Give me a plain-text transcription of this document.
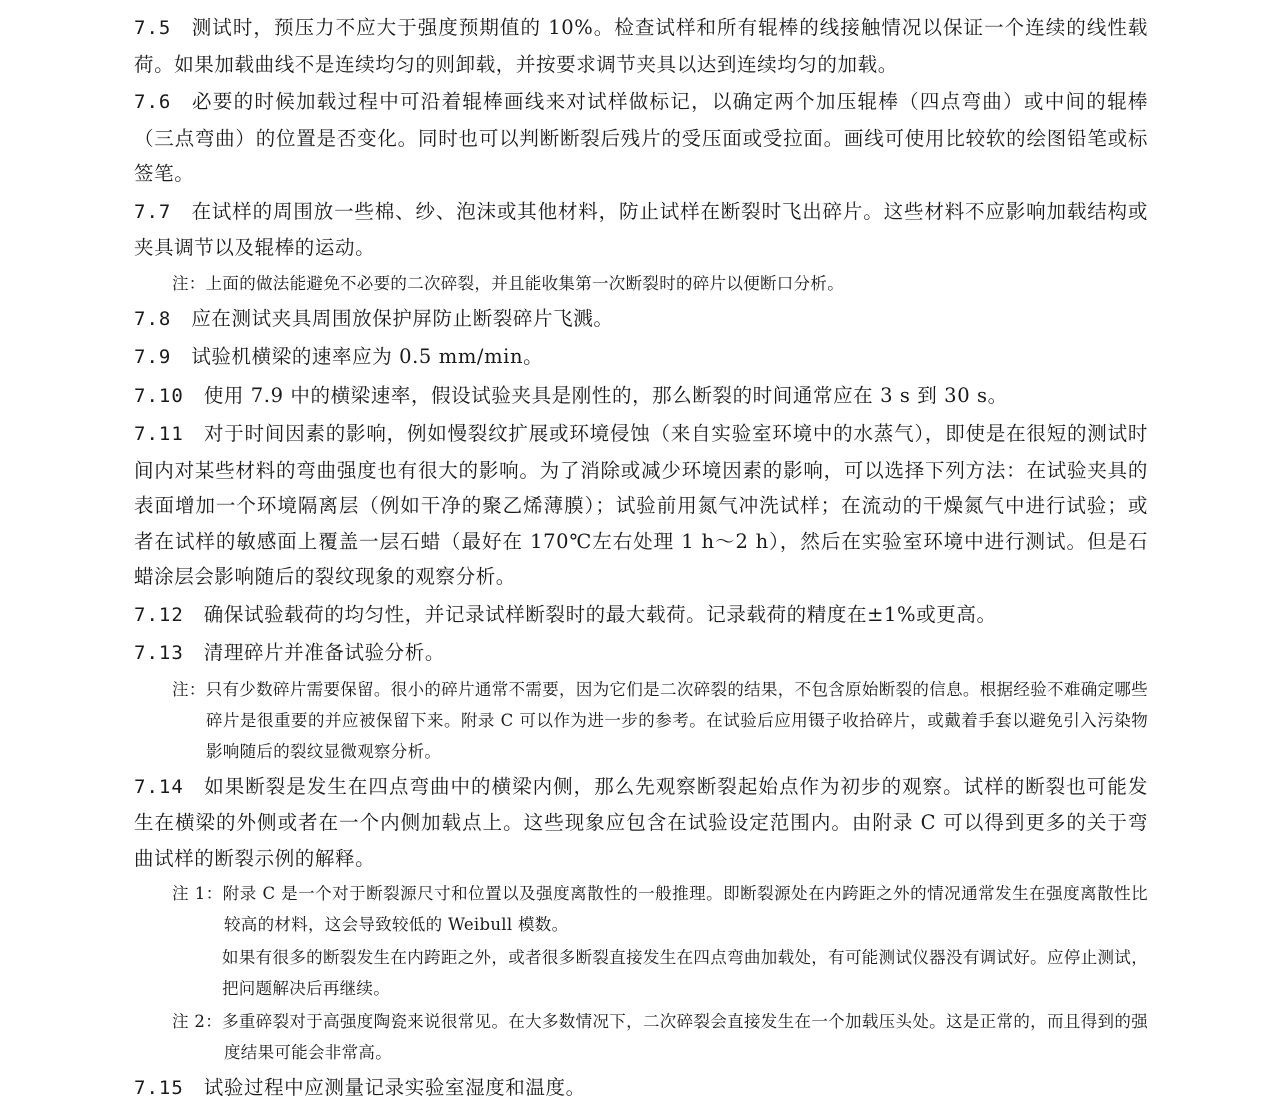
7.5 测试时，预压力不应大于强度预期值的 10%。检查试样和所有辊棒的线接触情况以保证一个连续的线性载荷。如果加载曲线不是连续均匀的则卸载，并按要求调节夹具以达到连续均匀的加载。

7.6 必要的时候加载过程中可沿着辊棒画线来对试样做标记，以确定两个加压辊棒（四点弯曲）或中间的辊棒（三点弯曲）的位置是否变化。同时也可以判断断裂后残片的受压面或受拉面。画线可使用比较软的绘图铅笔或标签笔。

7.7 在试样的周围放一些棉、纱、泡沫或其他材料，防止试样在断裂时飞出碎片。这些材料不应影响加载结构或夹具调节以及辊棒的运动。

注：上面的做法能避免不必要的二次碎裂，并且能收集第一次断裂时的碎片以便断口分析。

7.8 应在测试夹具周围放保护屏防止断裂碎片飞溅。

7.9 试验机横梁的速率应为 0.5 mm/min。

7.10 使用 7.9 中的横梁速率，假设试验夹具是刚性的，那么断裂的时间通常应在 3 s 到 30 s。

7.11 对于时间因素的影响，例如慢裂纹扩展或环境侵蚀（来自实验室环境中的水蒸气），即使是在很短的测试时间内对某些材料的弯曲强度也有很大的影响。为了消除或减少环境因素的影响，可以选择下列方法：在试验夹具的表面增加一个环境隔离层（例如干净的聚乙烯薄膜）；试验前用氮气冲洗试样；在流动的干燥氮气中进行试验；或者在试样的敏感面上覆盖一层石蜡（最好在 170℃左右处理 1 h～2 h），然后在实验室环境中进行测试。但是石蜡涂层会影响随后的裂纹现象的观察分析。

7.12 确保试验载荷的均匀性，并记录试样断裂时的最大载荷。记录载荷的精度在±1%或更高。

7.13 清理碎片并准备试验分析。

注：只有少数碎片需要保留。很小的碎片通常不需要，因为它们是二次碎裂的结果，不包含原始断裂的信息。根据经验不难确定哪些碎片是很重要的并应被保留下来。附录 C 可以作为进一步的参考。在试验后应用镊子收拾碎片，或戴着手套以避免引入污染物影响随后的裂纹显微观察分析。

7.14 如果断裂是发生在四点弯曲中的横梁内侧，那么先观察断裂起始点作为初步的观察。试样的断裂也可能发生在横梁的外侧或者在一个内侧加载点上。这些现象应包含在试验设定范围内。由附录 C 可以得到更多的关于弯曲试样的断裂示例的解释。

注 1：附录 C 是一个对于断裂源尺寸和位置以及强度离散性的一般推理。即断裂源处在内跨距之外的情况通常发生在强度离散性比较高的材料，这会导致较低的 Weibull 模数。

如果有很多的断裂发生在内跨距之外，或者很多断裂直接发生在四点弯曲加载处，有可能测试仪器没有调试好。应停止测试，把问题解决后再继续。

注 2：多重碎裂对于高强度陶瓷来说很常见。在大多数情况下，二次碎裂会直接发生在一个加载压头处。这是正常的，而且得到的强度结果可能会非常高。

7.15 试验过程中应测量记录实验室湿度和温度。
